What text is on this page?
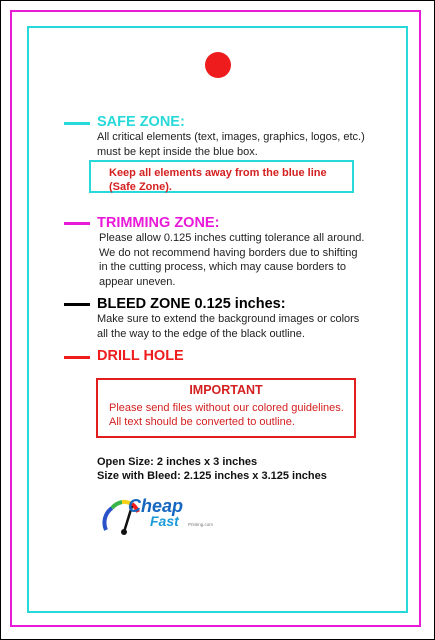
SAFE ZONE:
All critical elements (text, images, graphics, logos, etc.)
must be kept inside the blue box.
Keep all elements away from the blue line
(Safe Zone).
TRIMMING ZONE:
Please allow 0.125 inches cutting tolerance all around.
We do not recommend having borders due to shifting
in the cutting process, which may cause borders to
appear uneven.
BLEED ZONE 0.125 inches:
Make sure to extend the background images or colors
all the way to the edge of the black outline.
DRILL HOLE
IMPORTANT
Please send files without our colored guidelines.
All text should be converted to outline.
Open Size: 2 inches x 3 inches
Size with Bleed: 2.125 inches x 3.125 inches
Cheap
Fast Printing.com
